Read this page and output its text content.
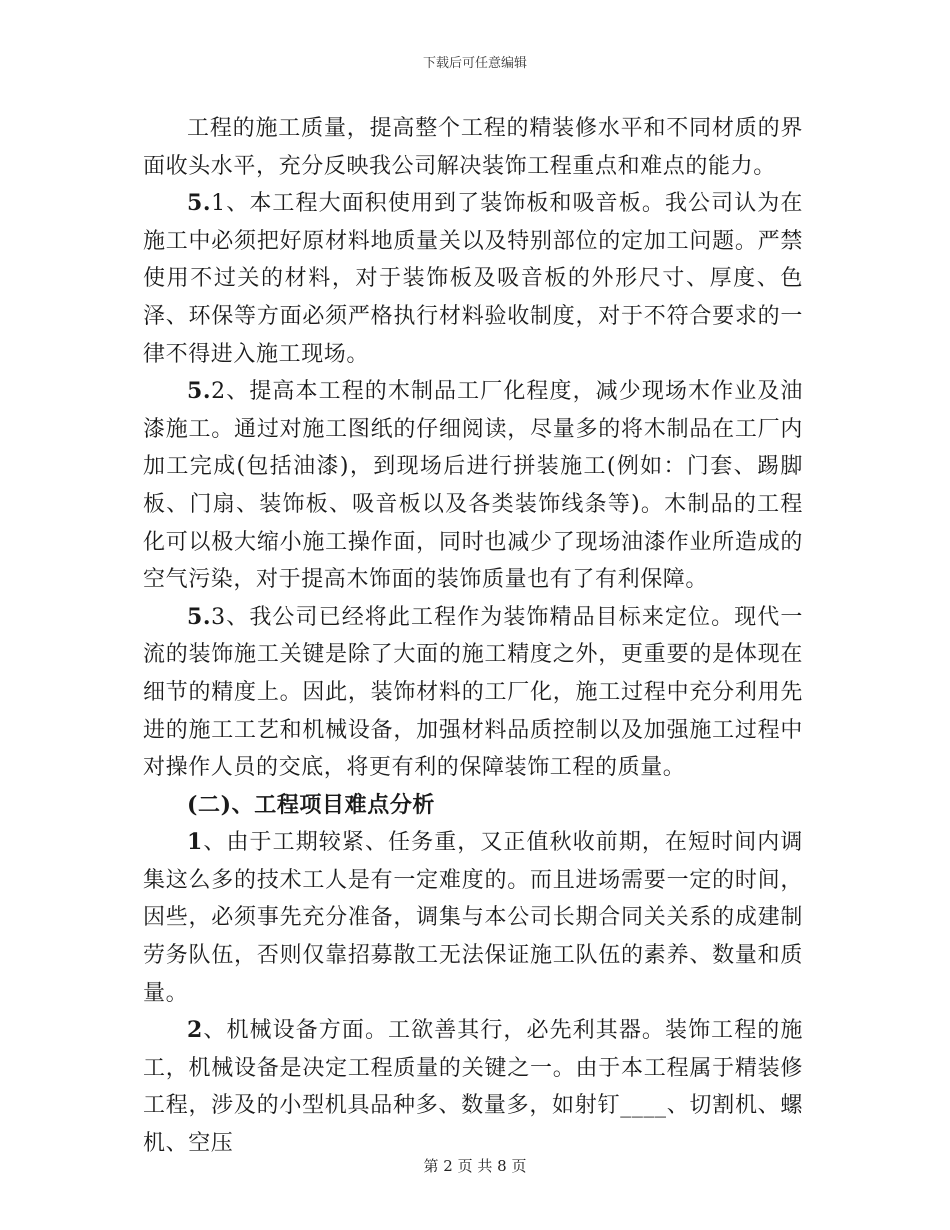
下载后可任意编辑

工程的施工质量，提高整个工程的精装修水平和不同材质的界面收头水平，充分反映我公司解决装饰工程重点和难点的能力。

5.1、本工程大面积使用到了装饰板和吸音板。我公司认为在施工中必须把好原材料地质量关以及特别部位的定加工问题。严禁使用不过关的材料，对于装饰板及吸音板的外形尺寸、厚度、色泽、环保等方面必须严格执行材料验收制度，对于不符合要求的一律不得进入施工现场。

5.2、提高本工程的木制品工厂化程度，减少现场木作业及油漆施工。通过对施工图纸的仔细阅读，尽量多的将木制品在工厂内加工完成(包括油漆)，到现场后进行拼装施工(例如：门套、踢脚板、门扇、装饰板、吸音板以及各类装饰线条等)。木制品的工程化可以极大缩小施工操作面，同时也减少了现场油漆作业所造成的空气污染，对于提高木饰面的装饰质量也有了有利保障。

5.3、我公司已经将此工程作为装饰精品目标来定位。现代一流的装饰施工关键是除了大面的施工精度之外，更重要的是体现在细节的精度上。因此，装饰材料的工厂化，施工过程中充分利用先进的施工工艺和机械设备，加强材料品质控制以及加强施工过程中对操作人员的交底，将更有利的保障装饰工程的质量。

(二)、工程项目难点分析

1、由于工期较紧、任务重，又正值秋收前期，在短时间内调集这么多的技术工人是有一定难度的。而且进场需要一定的时间，因些，必须事先充分准备，调集与本公司长期合同关关系的成建制劳务队伍，否则仅靠招募散工无法保证施工队伍的素养、数量和质量。

2、机械设备方面。工欲善其行，必先利其器。装饰工程的施工，机械设备是决定工程质量的关键之一。由于本工程属于精装修工程，涉及的小型机具品种多、数量多，如射钉____、切割机、螺机、空压

第 2 页 共 8 页
